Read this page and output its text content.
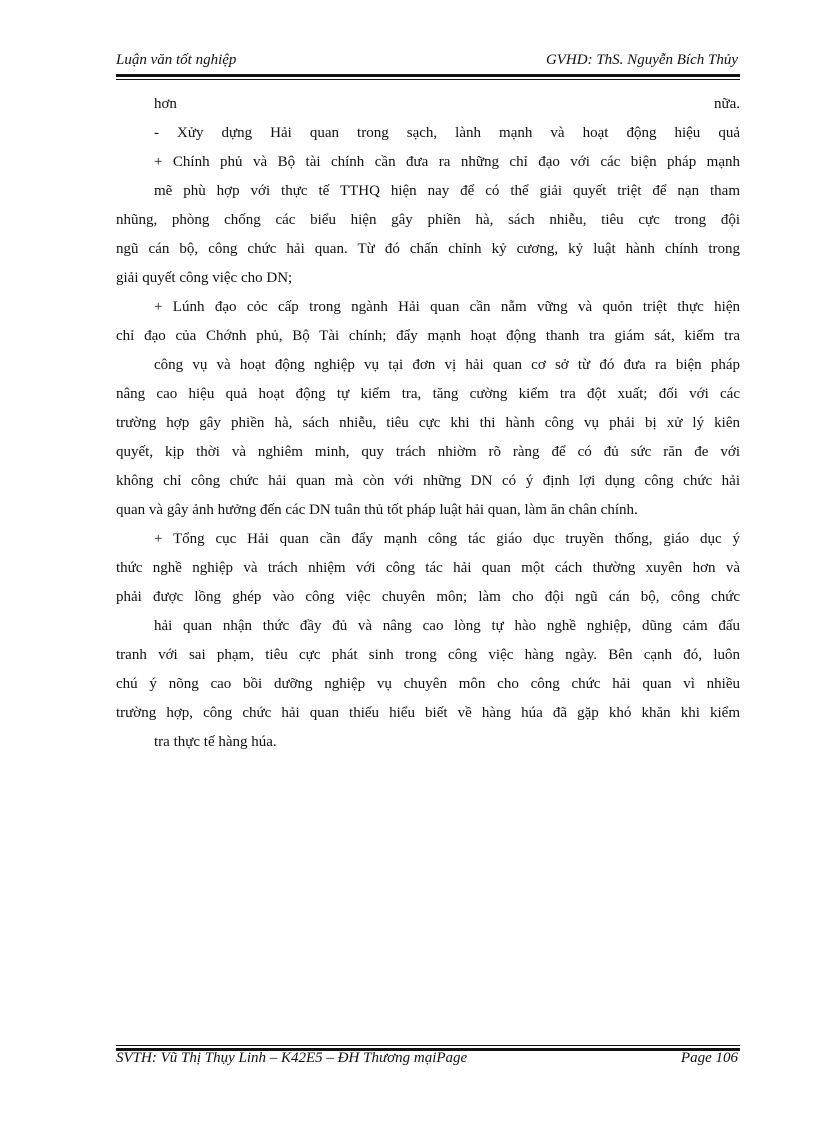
Luận văn tốt nghiệp	GVHD: ThS. Nguyễn Bích Thủy
hơn nữa.
- Xửy dựng Hải quan trong sạch, lành mạnh và hoạt động hiệu quả
+ Chính phủ và Bộ tài chính cần đưa ra những chỉ đạo với các biện pháp mạnh
mẽ phù hợp với thực tế TTHQ hiện nay để có thể giải quyết triệt để nạn tham
nhũng, phòng chống các biểu hiện gây phiền hà, sách nhiễu, tiêu cực trong đội
ngũ cán bộ, công chức hải quan. Từ đó chấn chỉnh kỷ cương, kỷ luật hành chính trong
giải quyết công việc cho DN;
+ Lúnh đạo cỏc cấp trong ngành Hải quan cần nẵm vững và quỏn triệt thực hiện
chỉ đạo của Chớnh phủ, Bộ Tài chính; đẩy mạnh hoạt động thanh tra giám sát, kiểm tra
công vụ và hoạt động nghiệp vụ tại đơn vị hải quan cơ sở từ đó đưa ra biện pháp
nâng cao hiệu quả hoạt động tự kiểm tra, tăng cường kiểm tra đột xuất; đối với các
trường hợp gây phiền hà, sách nhiễu, tiêu cực khi thi hành công vụ phải bị xử lý kiên
quyết, kịp thời và nghiêm minh, quy trách nhiờm rõ ràng để có đủ sức răn đe với
không chỉ công chức hải quan mà còn với những DN có ý định lợi dụng công chức hải
quan và gây ảnh hưởng đến các DN tuân thủ tốt pháp luật hải quan, làm ăn chân chính.
+ Tổng cục Hải quan cần đẩy mạnh công tác giáo dục truyền thống, giáo dục ý
thức nghề nghiệp và trách nhiệm với công tác hải quan một cách thường xuyên hơn và
phải được lồng ghép vào công việc chuyên môn; làm cho đội ngũ cán bộ, công chức
hải quan nhận thức đầy đủ và nâng cao lòng tự hào nghề nghiệp, dũng cảm đấu
tranh với sai phạm, tiêu cực phát sinh trong công việc hàng ngày. Bên cạnh đó, luôn
chú ý nõng cao bồi dưỡng nghiệp vụ chuyên môn cho công chức hải quan vì nhiều
trường hợp, công chức hải quan thiếu hiểu biết về hàng húa đã gặp khó khăn khi kiểm
tra thực tế hàng húa.
SVTH: Vũ Thị Thụy Linh – K42E5 – ĐH Thương mạiPage	Page 106
